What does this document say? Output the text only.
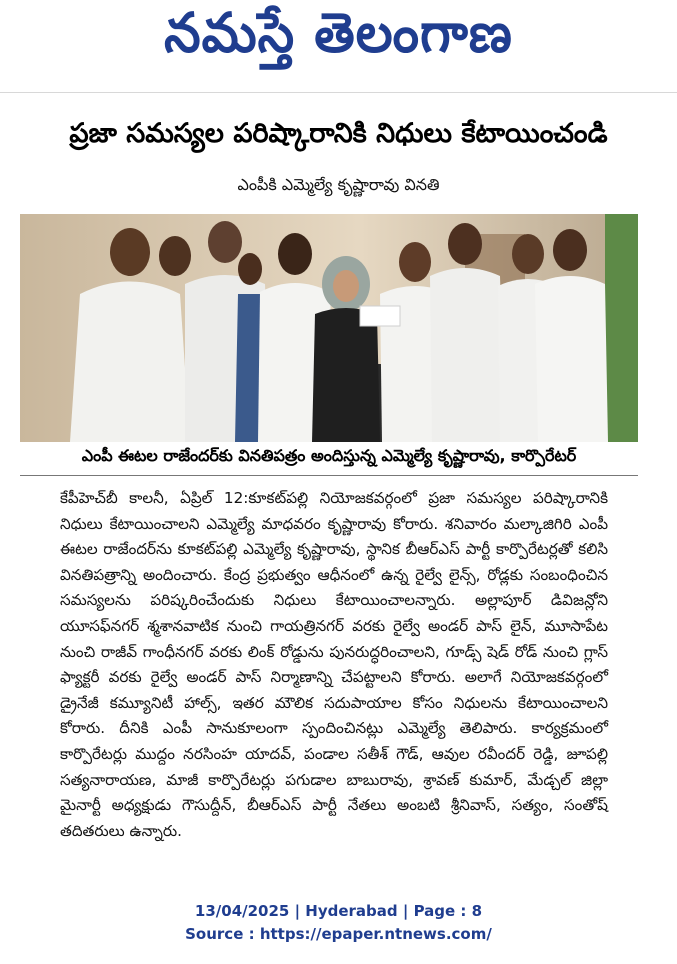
నమస్తే తెలంగాణ
ప్రజా సమస్యల పరిష్కారానికి నిధులు కేటాయించండి
ఎంపీకి ఎమ్మెల్యే కృష్ణారావు వినతి
ఎంపీ ఈటల రాజేందర్‌కు వినతిపత్రం అందిస్తున్న ఎమ్మెల్యే కృష్ణారావు, కార్పొరేటర్
కేపీహెచ్‌బీ కాలనీ, ఏప్రిల్ 12:కూకట్‌పల్లి నియోజకవర్గంలో ప్రజా సమస్యల పరిష్కారానికి నిధులు కేటాయించాలని ఎమ్మెల్యే మాధవరం కృష్ణారావు కోరారు. శనివారం మల్కాజిగిరి ఎంపీ ఈటల రాజేందర్‌ను కూకట్‌పల్లి ఎమ్మెల్యే కృష్ణారావు, స్థానిక బీఆర్‌ఎస్ పార్టీ కార్పొరేటర్లతో కలిసి వినతిపత్రాన్ని అందించారు. కేంద్ర ప్రభుత్వం ఆధీనంలో ఉన్న రైల్వే లైన్స్, రోడ్లకు సంబంధించిన సమస్యలను పరిష్కరించేందుకు నిధులు కేటాయించాలన్నారు. అల్లాపూర్ డివిజన్లోని యూసఫ్‌నగర్ శ్మశానవాటిక నుంచి గాయత్రినగర్ వరకు రైల్వే అండర్ పాస్ లైన్, మూసాపేట నుంచి రాజీవ్ గాంధీనగర్ వరకు లింక్ రోడ్డును పునరుద్ధరించాలని, గూడ్స్ షెడ్ రోడ్ నుంచి గ్లాస్ ఫ్యాక్టరీ వరకు రైల్వే అండర్ పాస్ నిర్మాణాన్ని చేపట్టాలని కోరారు. అలాగే నియోజకవర్గంలో డ్రైనేజీ కమ్యూనిటీ హాల్స్, ఇతర మౌలిక సదుపాయాల కోసం నిధులను కేటాయించాలని కోరారు. దీనికి ఎంపీ సానుకూలంగా స్పందించినట్లు ఎమ్మెల్యే తెలిపారు. కార్యక్రమంలో కార్పొరేటర్లు ముద్దం నరసింహ యాదవ్, పండాల సతీశ్ గౌడ్, ఆవుల రవీందర్ రెడ్డి, జూపల్లి సత్యనారాయణ, మాజీ కార్పొరేటర్లు పగుడాల బాబురావు, శ్రావణ్ కుమార్, మేడ్చల్ జిల్లా మైనార్టీ అధ్యక్షుడు గౌసుద్దీన్, బీఆర్‌ఎస్ పార్టీ నేతలు అంబటి శ్రీనివాస్, సత్యం, సంతోష్ తదితరులు ఉన్నారు.
13/04/2025 | Hyderabad | Page : 8
Source : https://epaper.ntnews.com/
